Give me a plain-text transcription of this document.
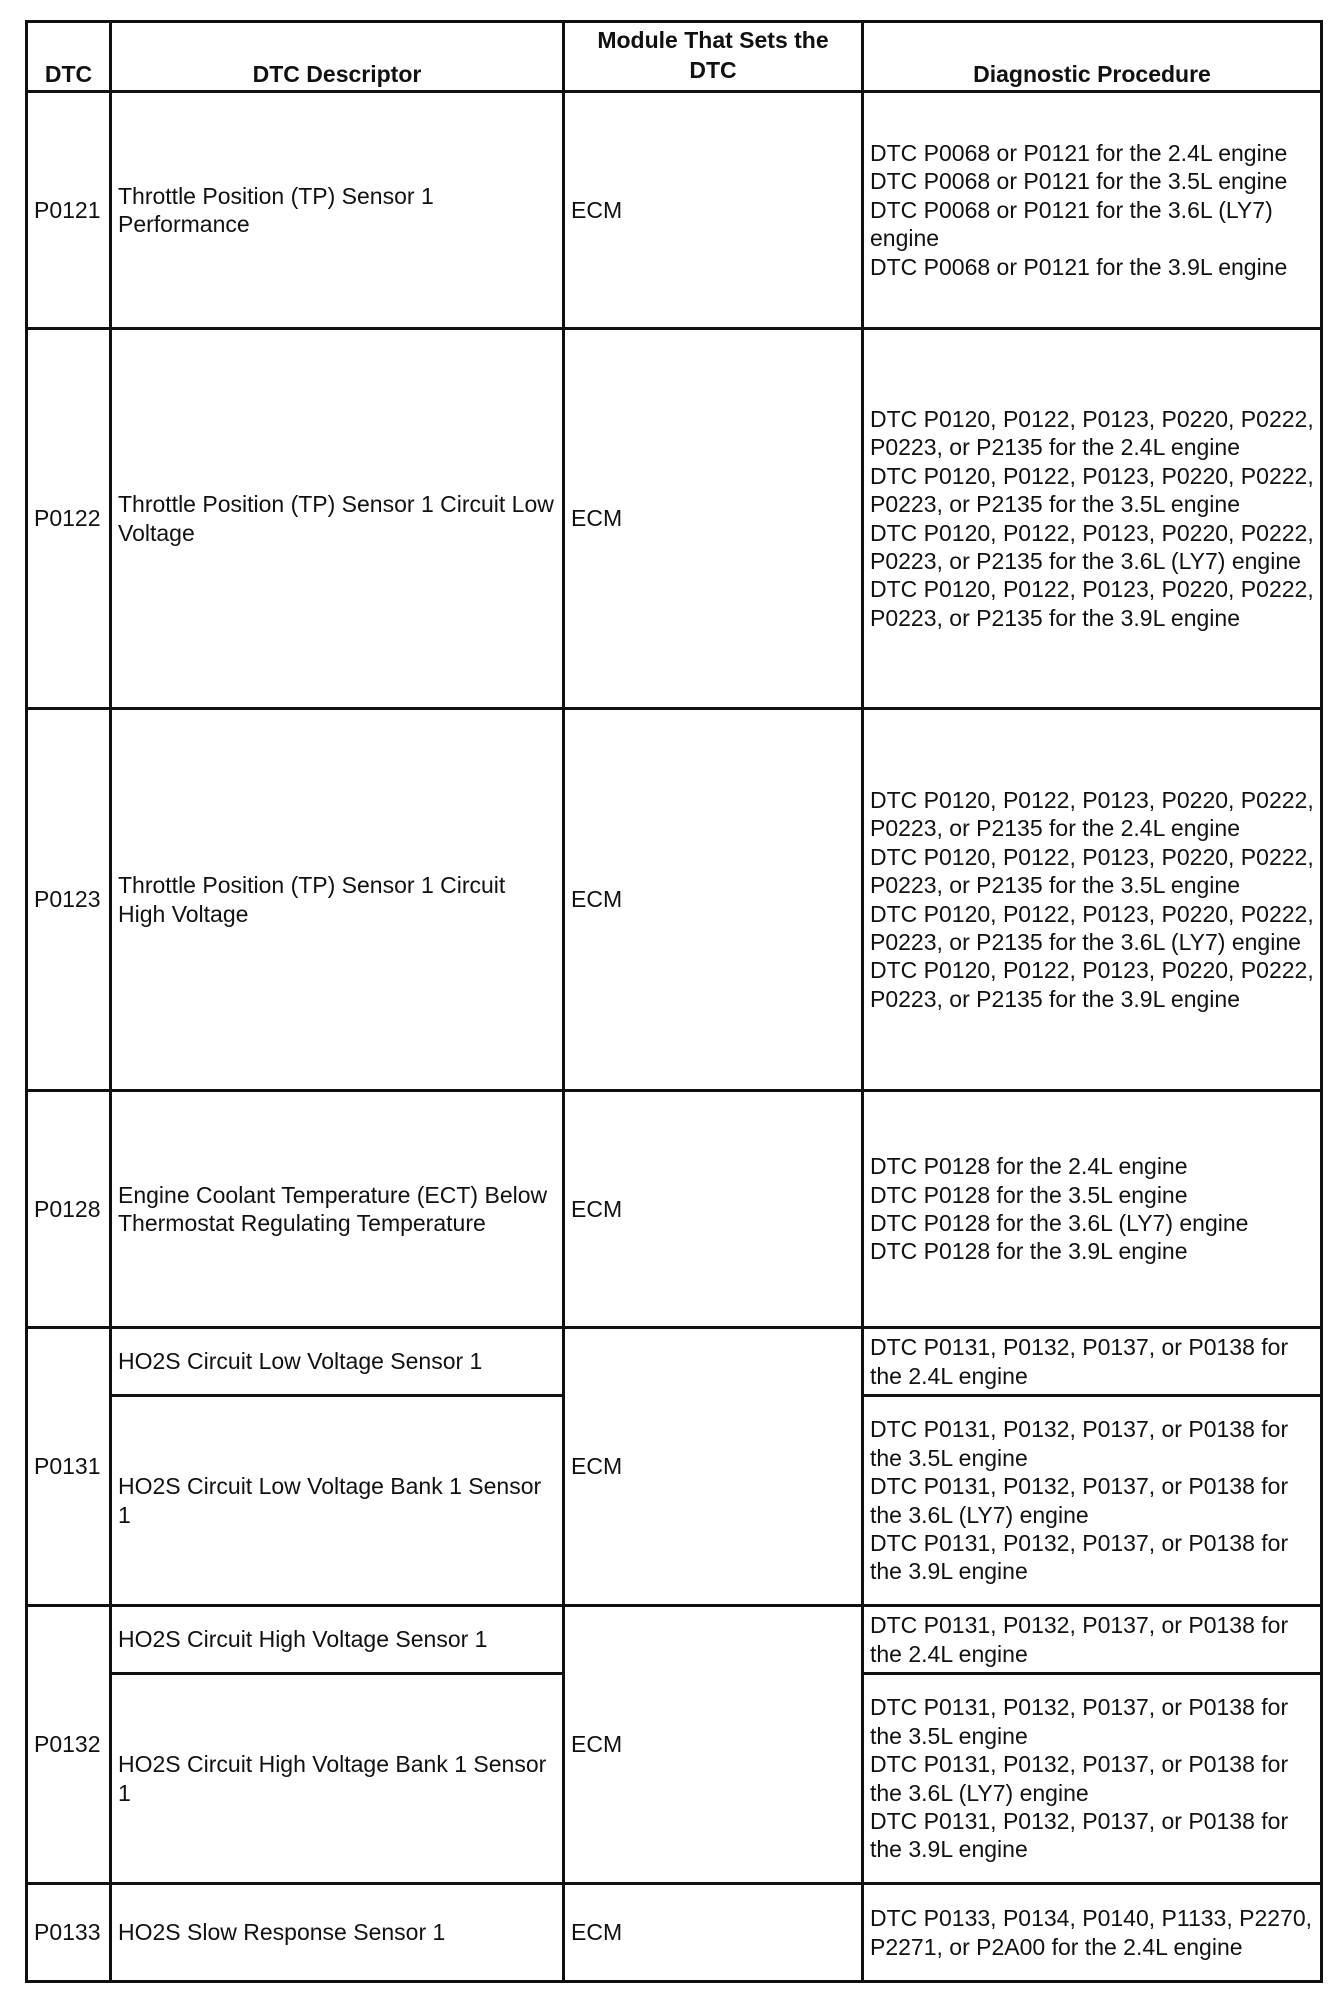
DTC	DTC Descriptor	Module That Sets the DTC	Diagnostic Procedure
P0121	Throttle Position (TP) Sensor 1 Performance	ECM	DTC P0068 or P0121 for the 2.4L engine
DTC P0068 or P0121 for the 3.5L engine
DTC P0068 or P0121 for the 3.6L (LY7) engine
DTC P0068 or P0121 for the 3.9L engine

P0122	Throttle Position (TP) Sensor 1 Circuit Low Voltage	ECM	DTC P0120, P0122, P0123, P0220, P0222, P0223, or P2135 for the 2.4L engine
DTC P0120, P0122, P0123, P0220, P0222, P0223, or P2135 for the 3.5L engine
DTC P0120, P0122, P0123, P0220, P0222, P0223, or P2135 for the 3.6L (LY7) engine
DTC P0120, P0122, P0123, P0220, P0222, P0223, or P2135 for the 3.9L engine

P0123	Throttle Position (TP) Sensor 1 Circuit High Voltage	ECM	DTC P0120, P0122, P0123, P0220, P0222, P0223, or P2135 for the 2.4L engine
DTC P0120, P0122, P0123, P0220, P0222, P0223, or P2135 for the 3.5L engine
DTC P0120, P0122, P0123, P0220, P0222, P0223, or P2135 for the 3.6L (LY7) engine
DTC P0120, P0122, P0123, P0220, P0222, P0223, or P2135 for the 3.9L engine

P0128	Engine Coolant Temperature (ECT) Below Thermostat Regulating Temperature	ECM	DTC P0128 for the 2.4L engine
DTC P0128 for the 3.5L engine
DTC P0128 for the 3.6L (LY7) engine
DTC P0128 for the 3.9L engine

P0131	HO2S Circuit Low Voltage Sensor 1	ECM	DTC P0131, P0132, P0137, or P0138 for the 2.4L engine

	HO2S Circuit Low Voltage Bank 1 Sensor 1		DTC P0131, P0132, P0137, or P0138 for the 3.5L engine
DTC P0131, P0132, P0137, or P0138 for the 3.6L (LY7) engine
DTC P0131, P0132, P0137, or P0138 for the 3.9L engine

P0132	HO2S Circuit High Voltage Sensor 1	ECM	DTC P0131, P0132, P0137, or P0138 for the 2.4L engine

	HO2S Circuit High Voltage Bank 1 Sensor 1		DTC P0131, P0132, P0137, or P0138 for the 3.5L engine
DTC P0131, P0132, P0137, or P0138 for the 3.6L (LY7) engine
DTC P0131, P0132, P0137, or P0138 for the 3.9L engine

P0133	HO2S Slow Response Sensor 1	ECM	DTC P0133, P0134, P0140, P1133, P2270, P2271, or P2A00 for the 2.4L engine
